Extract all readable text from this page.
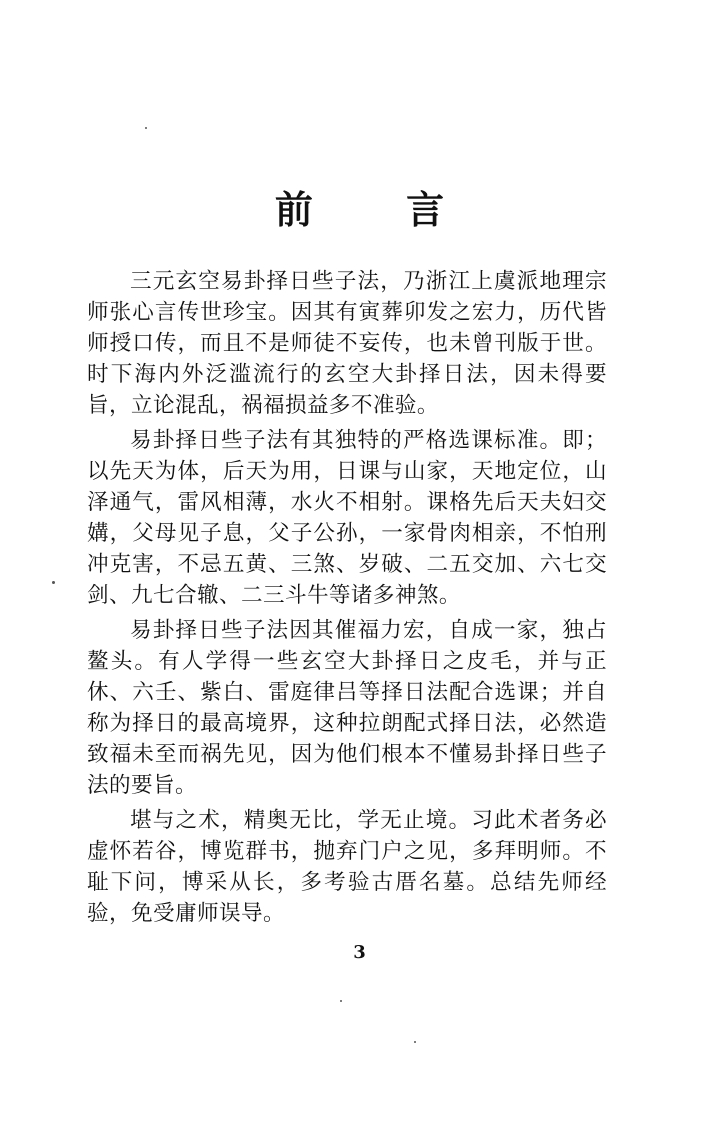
前 言

三元玄空易卦择日些子法，乃浙江上虞派地理宗师张心言传世珍宝。因其有寅葬卯发之宏力，历代皆师授口传，而且不是师徒不妄传，也未曾刊版于世。时下海内外泛滥流行的玄空大卦择日法，因未得要旨，立论混乱，祸福损益多不准验。

易卦择日些子法有其独特的严格选课标准。即；以先天为体，后天为用，日课与山家，天地定位，山泽通气，雷风相薄，水火不相射。课格先后天夫妇交媾，父母见子息，父子公孙，一家骨肉相亲，不怕刑冲克害，不忌五黄、三煞、岁破、二五交加、六七交剑、九七合辙、二三斗牛等诸多神煞。

易卦择日些子法因其催福力宏，自成一家，独占鳌头。有人学得一些玄空大卦择日之皮毛，并与正休、六壬、紫白、雷庭律吕等择日法配合选课；并自称为择日的最高境界，这种拉朗配式择日法，必然造致福未至而祸先见，因为他们根本不懂易卦择日些子法的要旨。

堪与之术，精奥无比，学无止境。习此术者务必虚怀若谷，博览群书，抛弃门户之见，多拜明师。不耻下问，博采从长，多考验古厝名墓。总结先师经验，免受庸师误导。

3
